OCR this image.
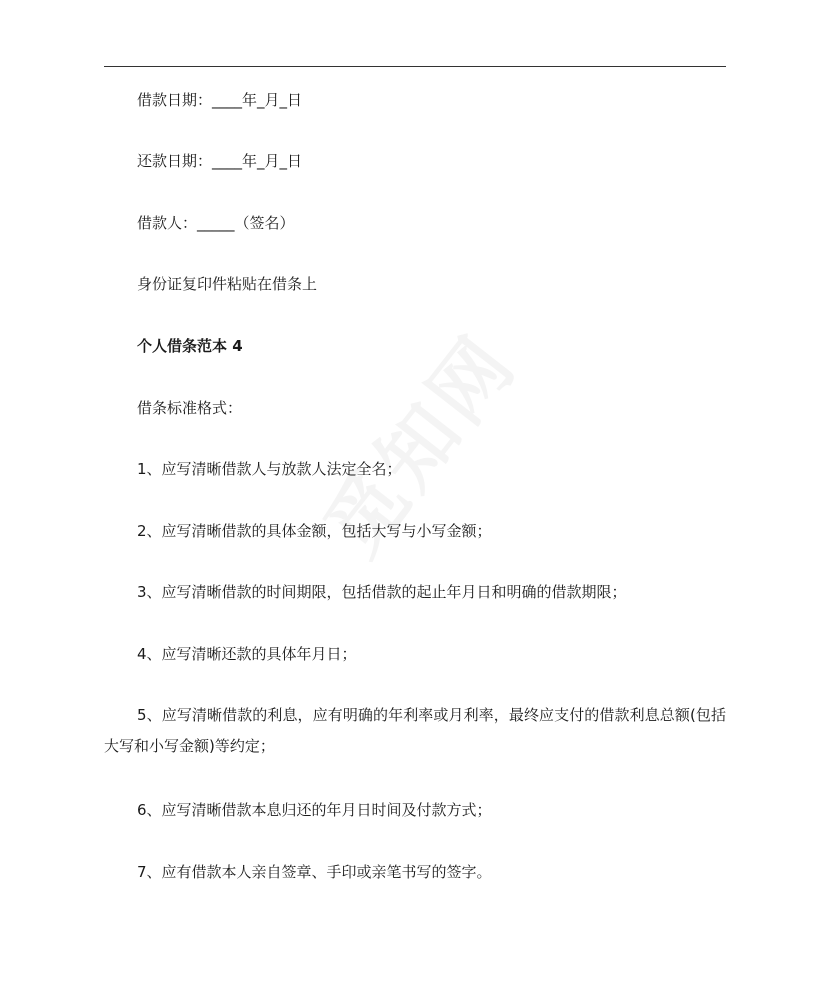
借款日期：____年_月_日
还款日期：____年_月_日
借款人：_____（签名）
身份证复印件粘贴在借条上
个人借条范本 4
借条标准格式：
1、应写清晰借款人与放款人法定全名；
2、应写清晰借款的具体金额，包括大写与小写金额；
3、应写清晰借款的时间期限，包括借款的起止年月日和明确的借款期限；
4、应写清晰还款的具体年月日；
5、应写清晰借款的利息，应有明确的年利率或月利率，最终应支付的借款利息总额(包括大写和小写金额)等约定；
6、应写清晰借款本息归还的年月日时间及付款方式；
7、应有借款本人亲自签章、手印或亲笔书写的签字。
